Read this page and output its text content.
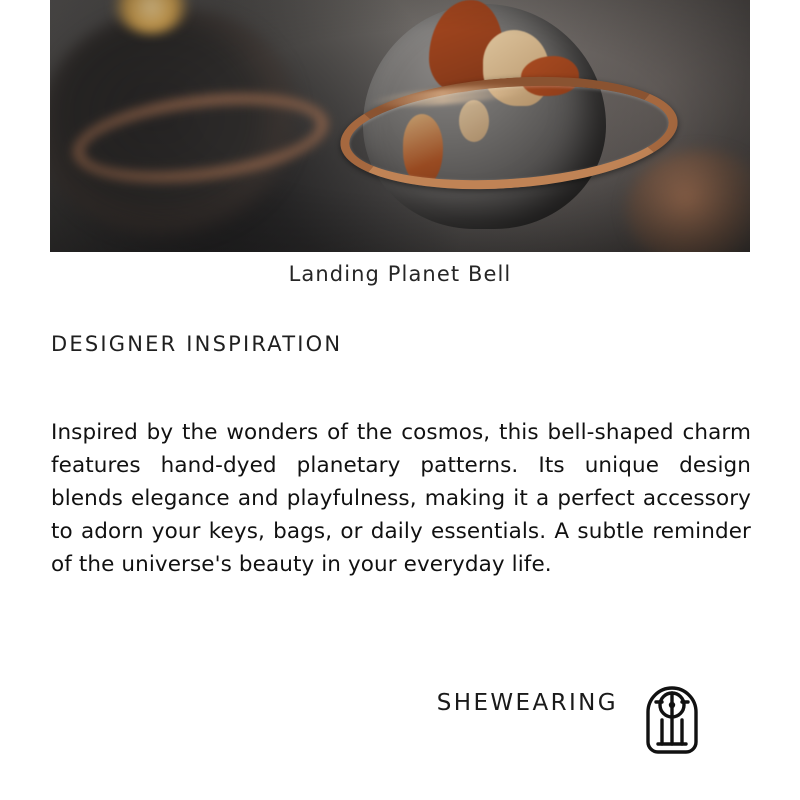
Landing Planet Bell
DESIGNER INSPIRATION

Inspired by the wonders of the cosmos, this bell-shaped charm features hand-dyed planetary patterns. Its unique design blends elegance and playfulness, making it a perfect accessory to adorn your keys, bags, or daily essentials. A subtle reminder of the universe's beauty in your everyday life.

SHEWEARING
